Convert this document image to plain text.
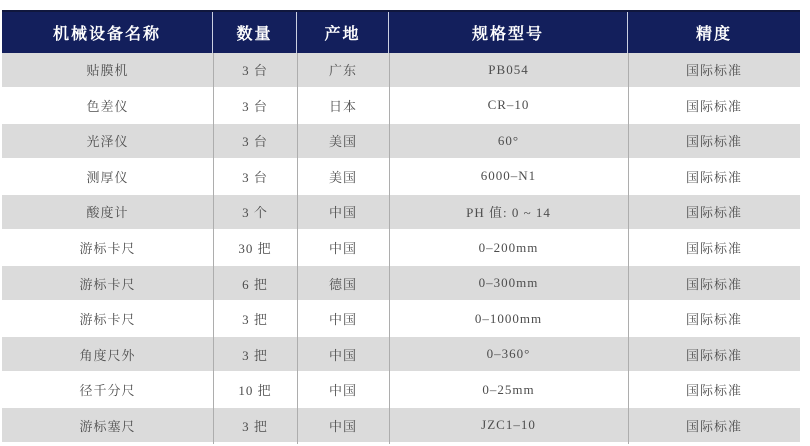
机械设备名称	数量	产地	规格型号	精度
贴膜机	3 台	广东	PB054	国际标准
色差仪	3 台	日本	CR–10	国际标准
光泽仪	3 台	美国	60°	国际标准
测厚仪	3 台	美国	6000–N1	国际标准
酸度计	3 个	中国	PH 值: 0 ~ 14	国际标准
游标卡尺	30 把	中国	0–200mm	国际标准
游标卡尺	6 把	德国	0–300mm	国际标准
游标卡尺	3 把	中国	0–1000mm	国际标准
角度尺外	3 把	中国	0–360°	国际标准
径千分尺	10 把	中国	0–25mm	国际标准
游标塞尺	3 把	中国	JZC1–10	国际标准
